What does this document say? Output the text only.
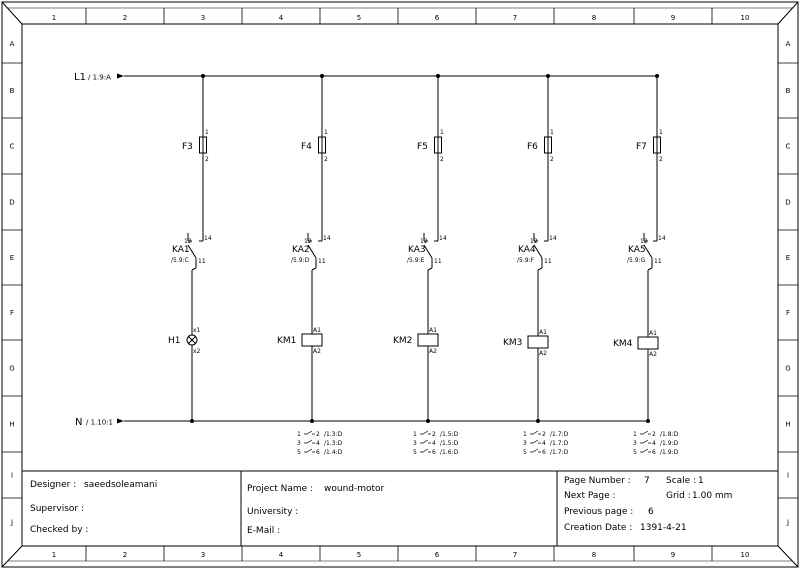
1
1
2
2
3
3
4
4
5
5
6
6
7
7
8
8
9
9
10
10
A	A
B	B
C	C
D	D
E	E
F	F
G	G
H	H
I	I
J	J
L1 / 1.9:A
N / 1.10:1
F3
1
2
KA1
/5.9:C
12 14
11
H1
x1
x2
F4
1
2
KA2
/5.9:D
12 14
11
KM1
A1
A2
F5
1
2
KA3
/5.9:E
12 14
11
KM2
A1
A2
F6
1
2
KA4
/5.9:F
12 14
11
KM3
A1
A2
F7
1
2
KA5
/5.9:G
12 14
11
KM4
A1
A2
1	2 /1.3:D
3	4 /1.3:D
5	6 /1.4:D
1	2 /1.5:D
3	4 /1.5:D
5	6 /1.6:D
1	2 /1.7:D
3	4 /1.7:D
5	6 /1.7:D
1	2 /1.8:D
3	4 /1.9:D
5	6 /1.9:D
Designer : saeedsoleamani
Supervisor :
Checked by :
Project Name : wound-motor
University :
E-Mail :
Page Number : 7 Scale : 1
Next Page :	Grid : 1.00 mm
Previous page : 6
Creation Date : 1391-4-21
